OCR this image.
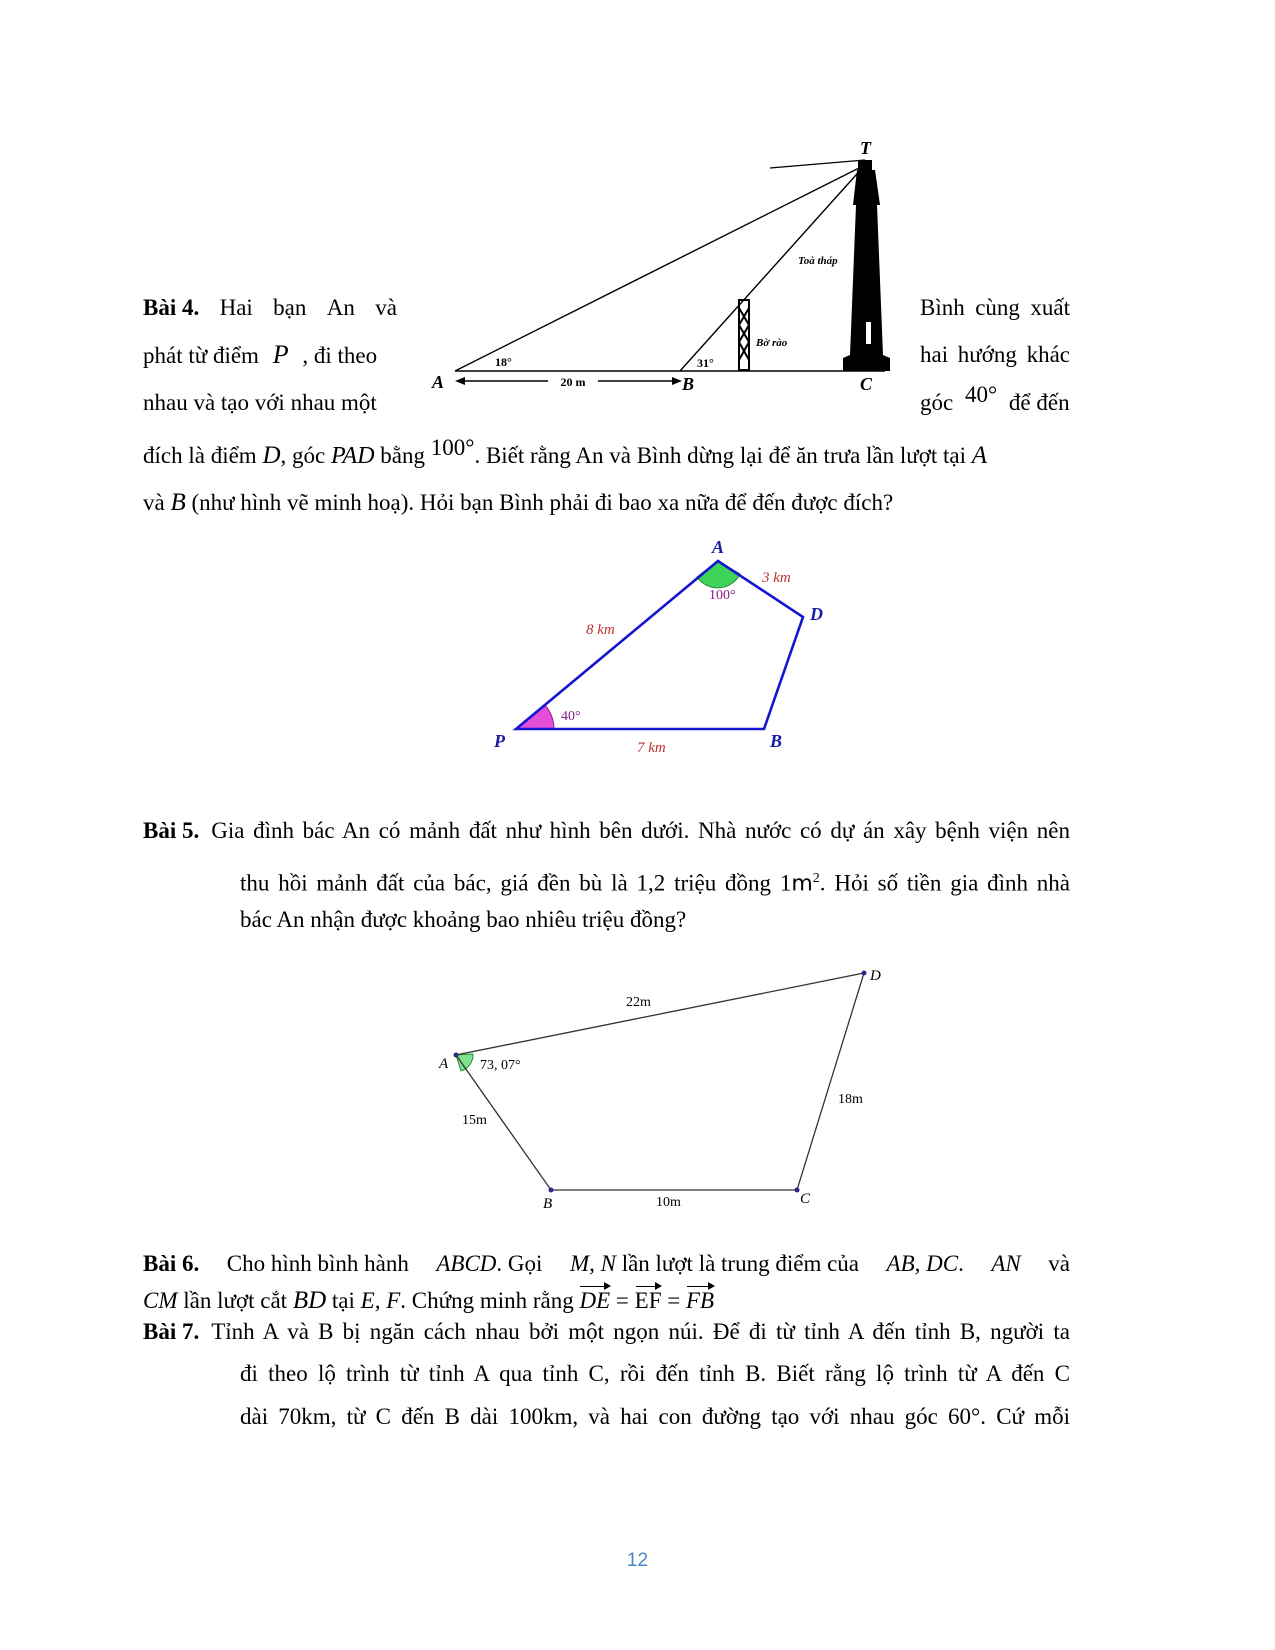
Bài 4. Hai bạn An và	Bình cùng xuất
phát từ điểm P , đi theo	hai hướng khác
nhau và tạo với nhau một	góc 40° để đến
đích là điểm D, góc PAD bằng 100°. Biết rằng An và Bình dừng lại để ăn trưa lần lượt tại A
và B (như hình vẽ minh hoạ). Hỏi bạn Bình phải đi bao xa nữa để đến được đích?
T
A	B	C
18°	31°
20 m
Toà tháp
Bờ rào
A
D
P	B
3 km
8 km
7 km
100°
40°
Bài 5. Gia đình bác An có mảnh đất như hình bên dưới. Nhà nước có dự án xây bệnh viện nên
thu hồi mảnh đất của bác, giá đền bù là 1,2 triệu đồng $1m^2$. Hỏi số tiền gia đình nhà
bác An nhận được khoảng bao nhiêu triệu đồng?
A
B	C
D
22m
15m
10m
18m
73, 07°
Bài 6. Cho hình bình hành ABCD. Gọi M, N lần lượt là trung điểm của AB, DC. AN và
CM lần lượt cắt BD tại E, F. Chứng minh rằng DE = EF = FB
Bài 7. Tỉnh A và B bị ngăn cách nhau bởi một ngọn núi. Để đi từ tỉnh A đến tỉnh B, người ta
đi theo lộ trình từ tỉnh A qua tỉnh C, rồi đến tỉnh B. Biết rằng lộ trình từ A đến C
dài 70km, từ C đến B dài 100km, và hai con đường tạo với nhau góc 60°. Cứ mỗi
12
